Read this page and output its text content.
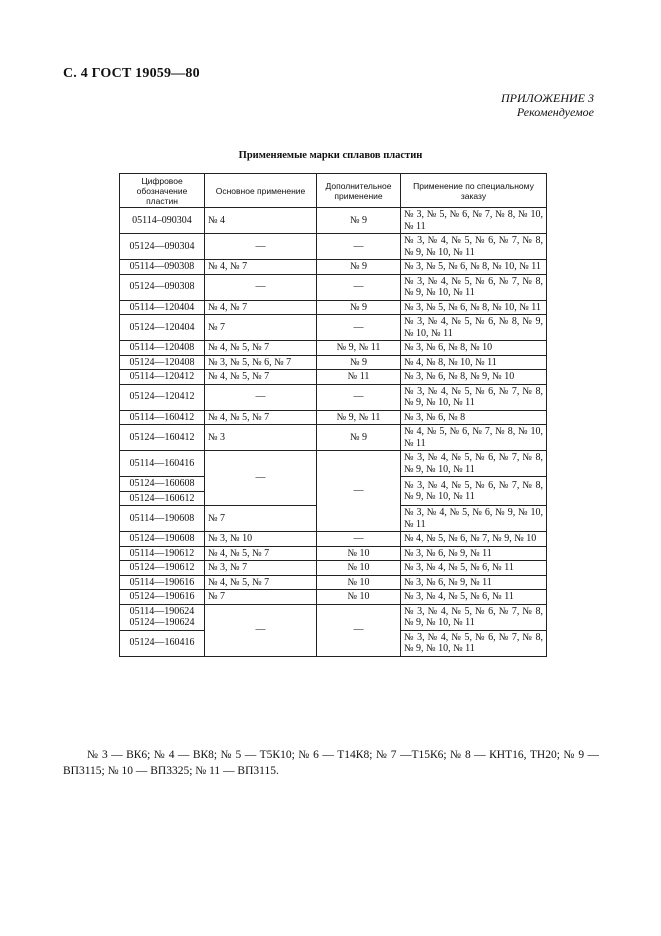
С. 4 ГОСТ 19059—80
ПРИЛОЖЕНИЕ 3
Рекомендуемое
Применяемые марки сплавов пластин
Цифровое обозначение пластин	Основное применение	Дополнительное применение	Применение по специальному заказу
05114–090304	№ 4	№ 9	№ 3, № 5, № 6, № 7, № 8, № 10, № 11
05124—090304	—	—	№ 3, № 4, № 5, № 6, № 7, № 8, № 9, № 10, № 11
05114—090308	№ 4, № 7	№ 9	№ 3, № 5, № 6, № 8, № 10, № 11
05124—090308	—	—	№ 3, № 4, № 5, № 6, № 7, № 8, № 9, № 10, № 11
05114—120404	№ 4, № 7	№ 9	№ 3, № 5, № 6, № 8, № 10, № 11
05124—120404	№ 7	—	№ 3, № 4, № 5, № 6, № 8, № 9, № 10, № 11
05114—120408	№ 4, № 5, № 7	№ 9, № 11	№ 3, № 6, № 8, № 10
05124—120408	№ 3, № 5, № 6, № 7	№ 9	№ 4, № 8, № 10, № 11
05114—120412	№ 4, № 5, № 7	№ 11	№ 3, № 6, № 8, № 9, № 10
05124—120412	—	—	№ 3, № 4, № 5, № 6, № 7, № 8, № 9, № 10, № 11
05114—160412	№ 4, № 5, № 7	№ 9, № 11	№ 3, № 6, № 8
05124—160412	№ 3	№ 9	№ 4, № 5, № 6, № 7, № 8, № 10, № 11
05114—160416	—	—	№ 3, № 4, № 5, № 6, № 7, № 8, № 9, № 10, № 11
05124—160608			№ 3, № 4, № 5, № 6, № 7, № 8, № 9, № 10, № 11
05124—160612			
05114—190608	№ 7		№ 3, № 4, № 5, № 6, № 9, № 10, № 11
05124—190608	№ 3, № 10	—	№ 4, № 5, № 6, № 7, № 9, № 10
05114—190612	№ 4, № 5, № 7	№ 10	№ 3, № 6, № 9, № 11
05124—190612	№ 3, № 7	№ 10	№ 3, № 4, № 5, № 6, № 11
05114—190616	№ 4, № 5, № 7	№ 10	№ 3, № 6, № 9, № 11
05124—190616	№ 7	№ 10	№ 3, № 4, № 5, № 6, № 11

05114—190624
05124—190624	—	—	№ 3, № 4, № 5, № 6, № 7, № 8, № 9, № 10, № 11
05124—160416			№ 3, № 4, № 5, № 6, № 7, № 8, № 9, № 10, № 11
№ 3 — ВК6; № 4 — ВК8; № 5 — Т5К10; № 6 — Т14К8; № 7 —Т15К6; № 8 — КНТ16, ТН20; № 9 — ВП3115; № 10 — ВП3325; № 11 — ВП3115.
